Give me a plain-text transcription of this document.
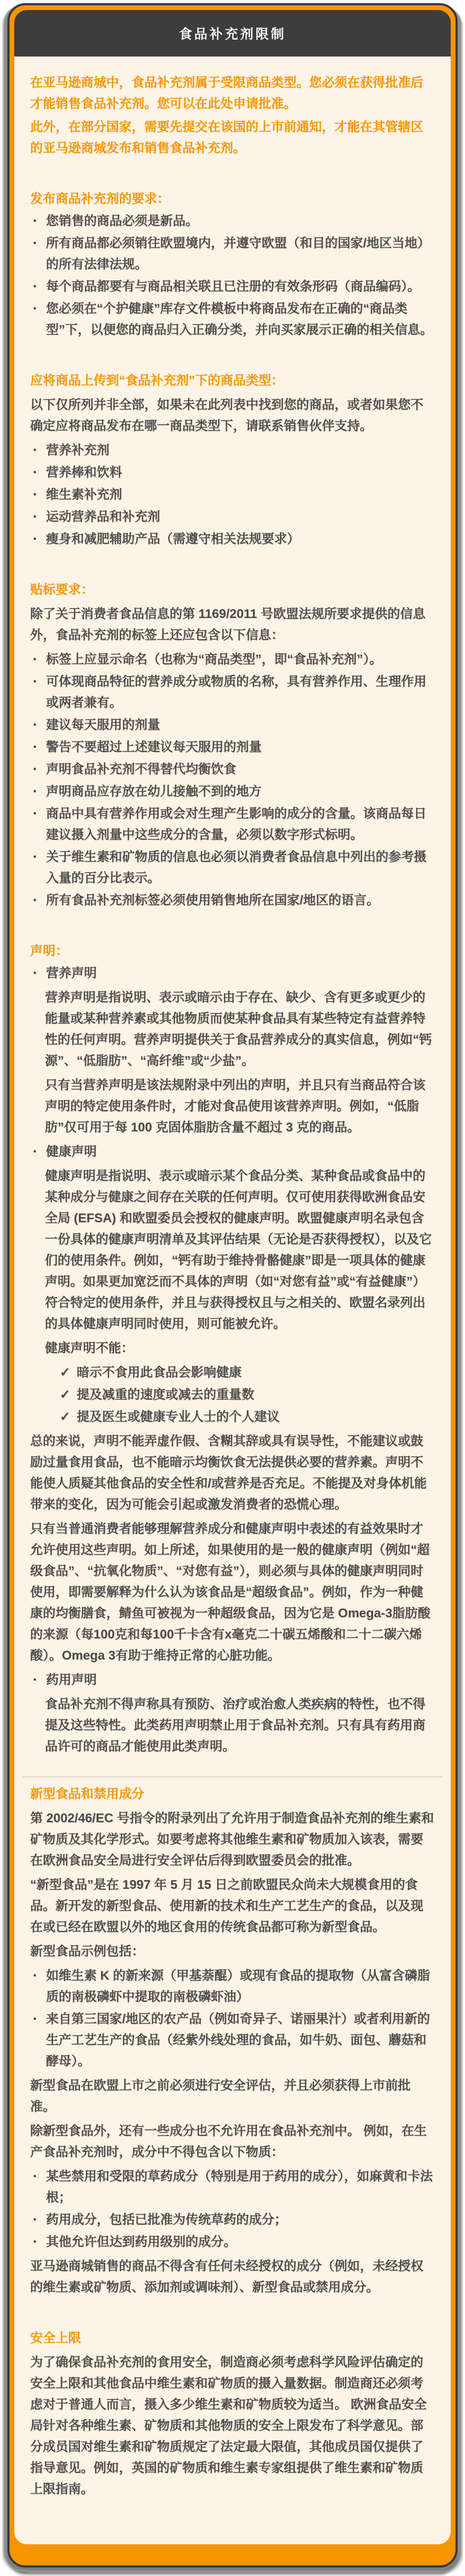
食品补充剂限制

在亚马逊商城中，食品补充剂属于受限商品类型。您必须在获得批准后才能销售食品补充剂。您可以在此处申请批准。

此外，在部分国家，需要先提交在该国的上市前通知，才能在其管辖区的亚马逊商城发布和销售食品补充剂。

发布商品补充剂的要求：
• 您销售的商品必须是新品。
• 所有商品都必须销往欧盟境内，并遵守欧盟（和目的国家/地区当地）的所有法律法规。
• 每个商品都要有与商品相关联且已注册的有效条形码（商品编码）。
• 您必须在“个护健康”库存文件模板中将商品发布在正确的“商品类型”下，以便您的商品归入正确分类，并向买家展示正确的相关信息。
应将商品上传到“食品补充剂”下的商品类型：

以下仅所列并非全部，如果未在此列表中找到您的商品，或者如果您不确定应将商品发布在哪一商品类型下，请联系销售伙伴支持。

• 营养补充剂
• 营养棒和饮料
• 维生素补充剂
• 运动营养品和补充剂
• 瘦身和减肥辅助产品（需遵守相关法规要求）
贴标要求：

除了关于消费者食品信息的第 1169/2011 号欧盟法规所要求提供的信息外，食品补充剂的标签上还应包含以下信息：

• 标签上应显示命名（也称为“商品类型”，即“食品补充剂”）。
• 可体现商品特征的营养成分或物质的名称，具有营养作用、生理作用或两者兼有。
• 建议每天服用的剂量
• 警告不要超过上述建议每天服用的剂量
• 声明食品补充剂不得替代均衡饮食
• 声明商品应存放在幼儿接触不到的地方
• 商品中具有营养作用或会对生理产生影响的成分的含量。该商品每日建议摄入剂量中这些成分的含量，必须以数字形式标明。
• 关于维生素和矿物质的信息也必须以消费者食品信息中列出的参考摄入量的百分比表示。
• 所有食品补充剂标签必须使用销售地所在国家/地区的语言。
声明：
• 营养声明

营养声明是指说明、表示或暗示由于存在、缺少、含有更多或更少的能量或某种营养素或其他物质而使某种食品具有某些特定有益营养特性的任何声明。营养声明提供关于食品营养成分的真实信息，例如“钙源”、“低脂肪”、“高纤维”或“少盐”。

只有当营养声明是该法规附录中列出的声明，并且只有当商品符合该声明的特定使用条件时，才能对食品使用该营养声明。例如，“低脂肪”仅可用于每 100 克固体脂肪含量不超过 3 克的商品。

• 健康声明

健康声明是指说明、表示或暗示某个食品分类、某种食品或食品中的某种成分与健康之间存在关联的任何声明。仅可使用获得欧洲食品安全局 (EFSA) 和欧盟委员会授权的健康声明。欧盟健康声明名录包含一份具体的健康声明清单及其评估结果（无论是否获得授权），以及它们的使用条件。例如，“钙有助于维持骨骼健康”即是一项具体的健康声明。如果更加宽泛而不具体的声明（如“对您有益”或“有益健康”）符合特定的使用条件，并且与获得授权且与之相关的、欧盟名录列出的具体健康声明同时使用，则可能被允许。

健康声明不能：

✓ 暗示不食用此食品会影响健康
✓ 提及减重的速度或减去的重量数
✓ 提及医生或健康专业人士的个人建议

总的来说，声明不能弄虚作假、含糊其辞或具有误导性，不能建议或鼓励过量食用食品，也不能暗示均衡饮食无法提供必要的营养素。声明不能使人质疑其他食品的安全性和/或营养是否充足。不能提及对身体机能带来的变化，因为可能会引起或激发消费者的恐慌心理。

只有当普通消费者能够理解营养成分和健康声明中表述的有益效果时才允许使用这些声明。如上所述，如果使用的是一般的健康声明（例如“超级食品”、“抗氧化物质”、“对您有益”），则必须与具体的健康声明同时使用，即需要解释为什么认为该食品是“超级食品”。例如，作为一种健康的均衡膳食，鲭鱼可被视为一种超级食品，因为它是 Omega-3脂肪酸的来源（每100克和每100千卡含有x毫克二十碳五烯酸和二十二碳六烯酸）。Omega 3有助于维持正常的心脏功能。

• 药用声明

食品补充剂不得声称具有预防、治疗或治愈人类疾病的特性，也不得提及这些特性。此类药用声明禁止用于食品补充剂。只有具有药用商品许可的商品才能使用此类声明。

新型食品和禁用成分

第 2002/46/EC 号指令的附录列出了允许用于制造食品补充剂的维生素和矿物质及其化学形式。如要考虑将其他维生素和矿物质加入该表，需要在欧洲食品安全局进行安全评估后得到欧盟委员会的批准。

“新型食品”是在 1997 年 5 月 15 日之前欧盟民众尚未大规模食用的食品。新开发的新型食品、使用新的技术和生产工艺生产的食品，以及现在或已经在欧盟以外的地区食用的传统食品都可称为新型食品。

新型食品示例包括：

• 如维生素 K 的新来源（甲基萘醌）或现有食品的提取物（从富含磷脂质的南极磷虾中提取的南极磷虾油）
• 来自第三国家/地区的农产品（例如奇异子、诺丽果汁）或者利用新的生产工艺生产的食品（经紫外线处理的食品，如牛奶、面包、蘑菇和酵母）。

新型食品在欧盟上市之前必须进行安全评估，并且必须获得上市前批准。

除新型食品外，还有一些成分也不允许用在食品补充剂中。 例如，在生产食品补充剂时，成分中不得包含以下物质：

• 某些禁用和受限的草药成分（特别是用于药用的成分），如麻黄和卡法根；
• 药用成分，包括已批准为传统草药的成分；
• 其他允许但达到药用级别的成分。

亚马逊商城销售的商品不得含有任何未经授权的成分（例如，未经授权的维生素或矿物质、添加剂或调味剂）、新型食品或禁用成分。

安全上限

为了确保食品补充剂的食用安全，制造商必须考虑科学风险评估确定的安全上限和其他食品中维生素和矿物质的摄入量数据。制造商还必须考虑对于普通人而言，摄入多少维生素和矿物质较为适当。 欧洲食品安全局针对各种维生素、矿物质和其他物质的安全上限发布了科学意见。部分成员国对维生素和矿物质规定了法定最大限值，其他成员国仅提供了指导意见。例如，英国的矿物质和维生素专家组提供了维生素和矿物质上限指南。
